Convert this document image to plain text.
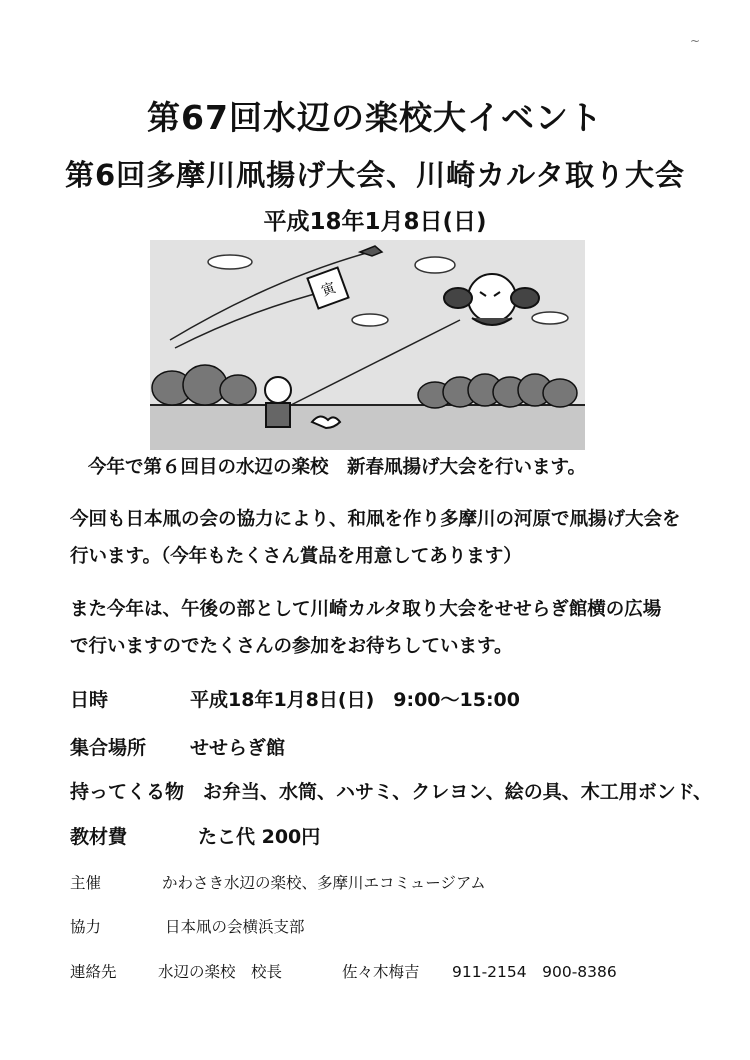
~
第67回水辺の楽校大イベント
第6回多摩川凧揚げ大会、川崎カルタ取り大会
平成18年1月8日(日)
寅
今年で第６回目の水辺の楽校　新春凧揚げ大会を行います。
今回も日本凧の会の協力により、和凧を作り多摩川の河原で凧揚げ大会を
行います。（今年もたくさん賞品を用意してあります）
また今年は、午後の部として川崎カルタ取り大会をせせらぎ館横の広場
で行いますのでたくさんの参加をお待ちしています。
日時	平成18年1月8日(日)　9:00～15:00
集合場所 せせらぎ館
持ってくる物 お弁当、水筒、ハサミ、クレヨン、絵の具、木工用ボンド、
教材費	たこ代 200円
主催	かわさき水辺の楽校、多摩川エコミュージアム
協力	日本凧の会横浜支部
連絡先	水辺の楽校　校長	佐々木梅吉 911-2154　900-8386
